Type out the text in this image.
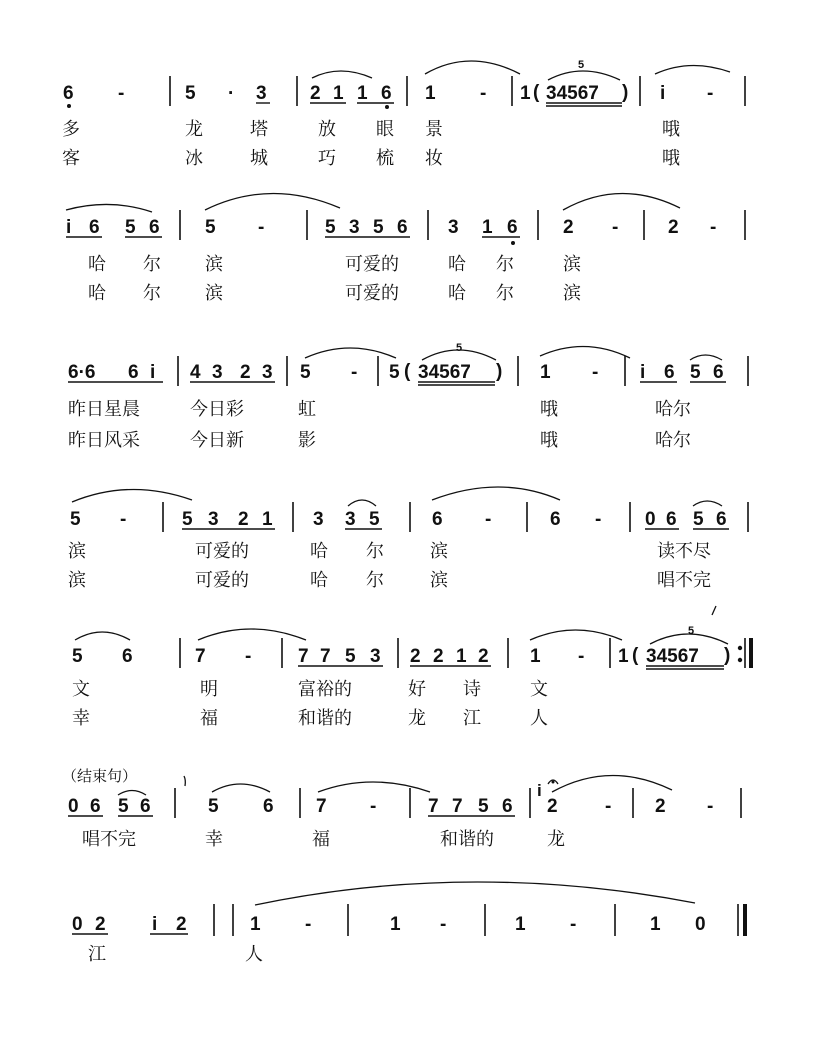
6 -	5 · 3 2 1 1 6 1 - 1 (
5
34567 ) i -
多	龙	塔	放 眼 景	哦
客	冰	城	巧 梳 妆	哦
i 6 5 6 5 -	5 3 5 6 3 1 6 2 -	2 -
哈 尔 滨	可爱的	哈 尔	滨
哈 尔 滨	可爱的	哈 尔	滨
6·6 6 i 4 3 2 3 5 - 5 (
5
34567 ) 1 - i 6 5 6
昨日星晨	今日彩	虹	哦	哈尔
昨日风采	今日新	影	哦	哈尔
5 -	5 3 2 1 3 3 5	6 -	6 - 0 6 5 6
滨	可爱的	哈 尔	滨	读不尽
滨	可爱的	哈 尔	滨	唱不完
5 6	7 - 7 7 5 3 2 2 1 2 1 - 1 (
5
34567 )
文	明	富裕的	好 诗	文
幸	福	和谐的	龙 江	人
（结束句）
0 6 5 6	5 6 7 -	7 7 5 6
i
2 - 2 -
唱不完	幸	福	和谐的	龙
0 2 i 2	1 -	1 -	1 -	1 0
江	人
